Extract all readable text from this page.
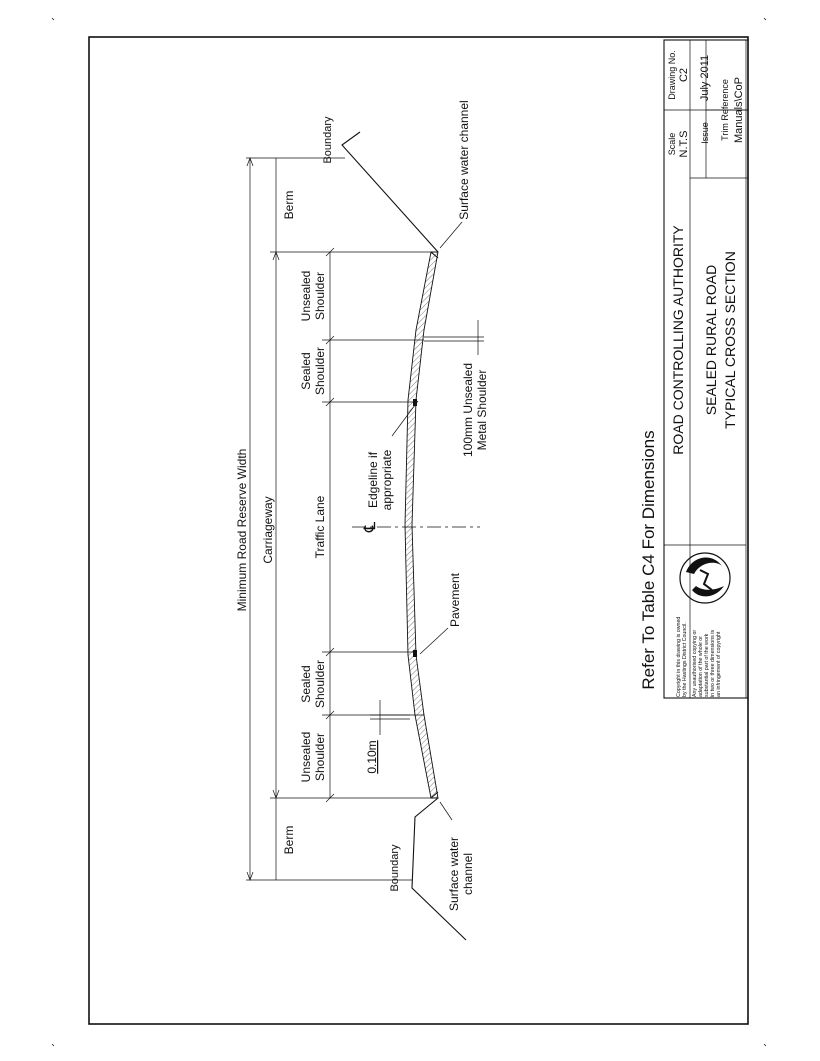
Minimum Road Reserve Width Carriageway
Berm
Berm
Unsealed Shoulder
Sealed Shoulder
Traffic Lane
Sealed Shoulder
Unsealed Shoulder
℄
Edgeline if appropriate
Pavement
100mm Unsealed Metal Shoulder
0.10m
Boundary
Boundary
Surface water channel
Surface water channel
Refer To Table C4 For Dimensions	Copyright in this drawing is owned by the Hastings District Council. Any unauthorised copying or adaptation of the whole or substantial part of the work in two or three dimensions is an infringement of copyright
ROAD CONTROLLING AUTHORITY SEALED RURAL ROAD TYPICAL CROSS SECTION
Scale N.T.S
Drawing No. C2
Issue
July 2011
Trim Reference Manuals\CoP
